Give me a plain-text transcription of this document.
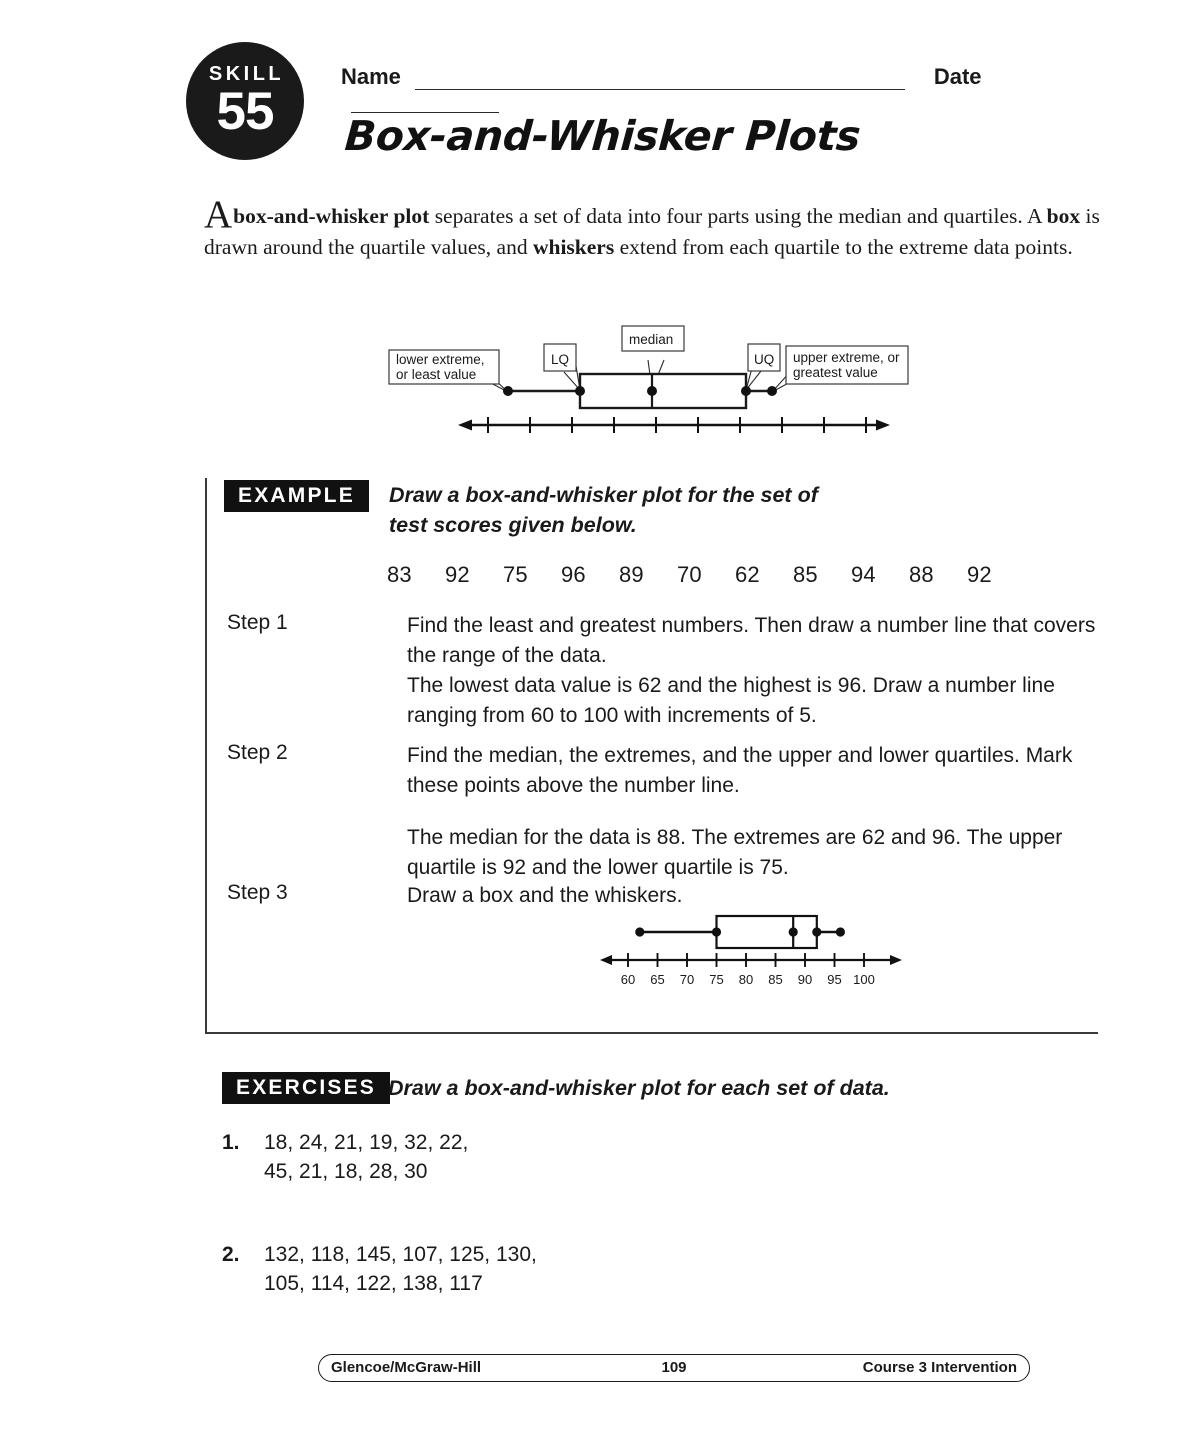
SKILL
55
Name	Date
Box-and-Whisker Plots
Abox-and-whisker plot separates a set of data into four parts using the median and quartiles. A box is drawn around the quartile values, and whiskers extend from each quartile to the extreme data points.
lower extreme,
or least value
LQ
median
UQ upper extreme, or
greatest value
EXAMPLE	Draw a box-and-whisker plot for the set of
test scores given below.
83 92 75 96 89 70 62 85 94 88 92
Step 1	Find the least and greatest numbers. Then draw a number line that covers the range of the data.

The lowest data value is 62 and the highest is 96. Draw a number line ranging from 60 to 100 with increments of 5.

Step 2	Find the median, the extremes, and the upper and lower quartiles. Mark these points above the number line.

The median for the data is 88. The extremes are 62 and 96. The upper quartile is 92 and the lower quartile is 75.

Step 3	Draw a box and the whiskers.

60 65 70 75 80 85 90 95 100
EXERCISES Draw a box-and-whisker plot for each set of data.
1.	18, 24, 21, 19, 32, 22,
45, 21, 18, 28, 30
2.	132, 118, 145, 107, 125, 130,
105, 114, 122, 138, 117
Glencoe/McGraw-Hill	109	Course 3 Intervention
